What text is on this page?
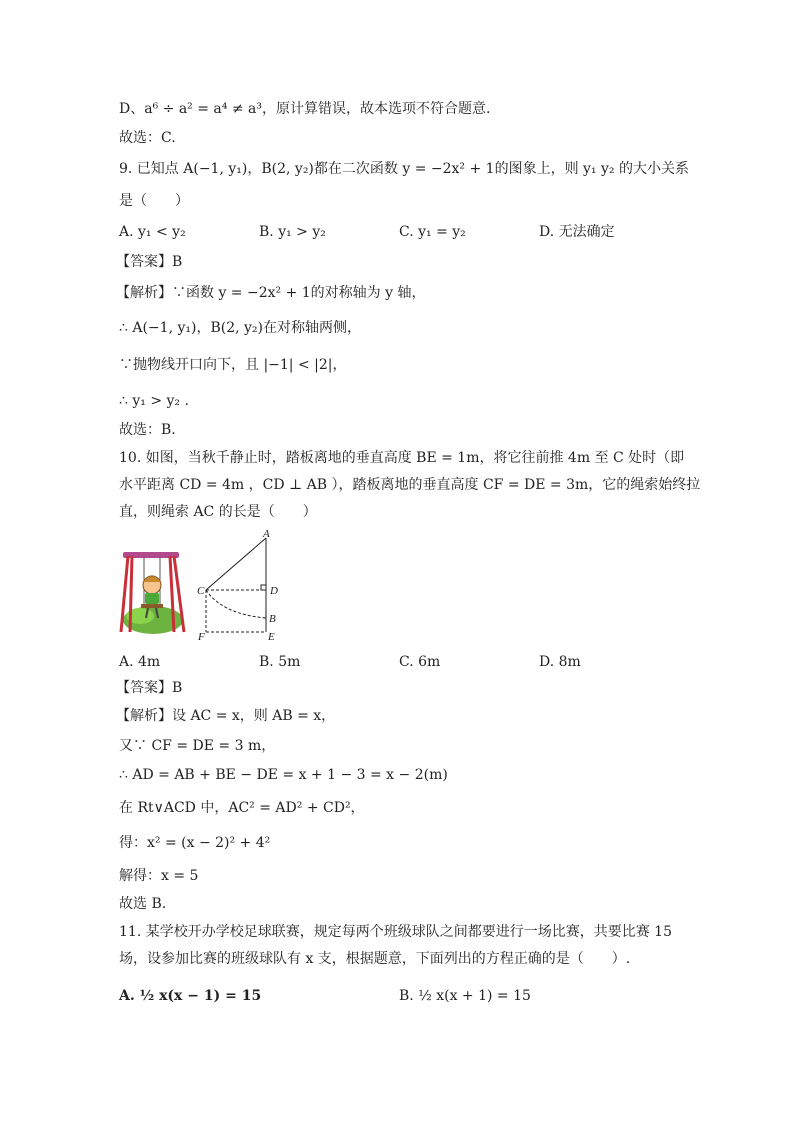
D、a⁶ ÷ a² = a⁴ ≠ a³，原计算错误，故本选项不符合题意.
故选：C.
9. 已知点 A(−1, y₁)，B(2, y₂)都在二次函数 y = −2x² + 1的图象上，则 y₁ y₂ 的大小关系
是（　　）
A. y₁ < y₂	B. y₁ > y₂	C. y₁ = y₂	D. 无法确定
【答案】B
【解析】∵函数 y = −2x² + 1的对称轴为 y 轴，
∴ A(−1, y₁)，B(2, y₂)在对称轴两侧，
∵抛物线开口向下，且 |−1| < |2|，
∴ y₁ > y₂ .
故选：B.
10. 如图，当秋千静止时，踏板离地的垂直高度 BE = 1m，将它往前推 4m 至 C 处时（即
水平距离 CD = 4m ，CD ⊥ AB ），踏板离地的垂直高度 CF = DE = 3m，它的绳索始终拉
直，则绳索 AC 的长是（　　）
A
C	D
B
F	E
A. 4m	B. 5m	C. 6m	D. 8m
【答案】B
【解析】设 AC = x，则 AB = x，
又∵ CF = DE = 3 m，
∴ AD = AB + BE − DE = x + 1 − 3 = x − 2(m)
在 Rt∨ACD 中，AC² = AD² + CD²，
得：x² = (x − 2)² + 4²
解得：x = 5
故选 B.
11. 某学校开办学校足球联赛，规定每两个班级球队之间都要进行一场比赛，共要比赛 15
场，设参加比赛的班级球队有 x 支，根据题意，下面列出的方程正确的是（　　）.
A. ½ x(x − 1) = 15	B. ½ x(x + 1) = 15
